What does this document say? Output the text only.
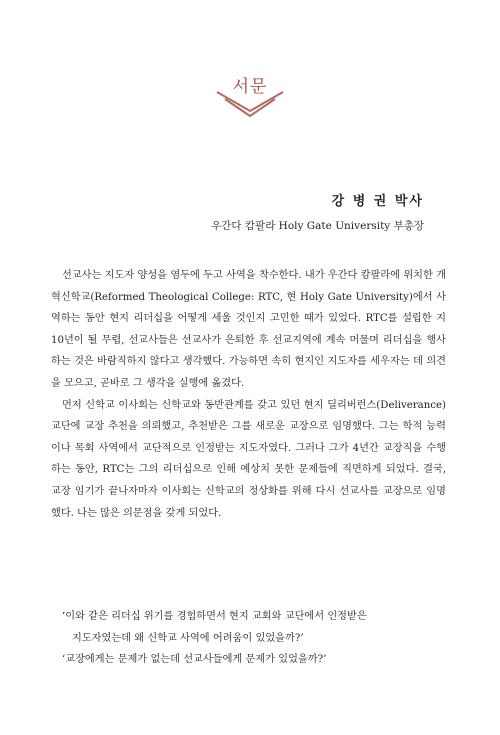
서문
강 병 권 박사
우간다 캄팔라 Holy Gate University 부총장

선교사는 지도자 양성을 염두에 두고 사역을 착수한다. 내가 우간다 캄팔라에 위치한 개혁신학교(Reformed Theological College: RTC, 현 Holy Gate University)에서 사역하는 동안 현지 리더십을 어떻게 세울 것인지 고민한 때가 있었다. RTC를 설립한 지 10년이 될 무렵, 선교사들은 선교사가 은퇴한 후 선교지역에 계속 머물며 리더십을 행사하는 것은 바람직하지 않다고 생각했다. 가능하면 속히 현지인 지도자를 세우자는 데 의견을 모으고, 곧바로 그 생각을 실행에 옮겼다.

먼저 신학교 이사회는 신학교와 동반관계를 갖고 있던 현지 딜리버런스(Deliverance)교단에 교장 추천을 의뢰했고, 추천받은 그를 새로운 교장으로 임명했다. 그는 학적 능력이나 목회 사역에서 교단적으로 인정받는 지도자였다. 그러나 그가 4년간 교장직을 수행하는 동안, RTC는 그의 리더십으로 인해 예상치 못한 문제들에 직면하게 되었다. 결국, 교장 임기가 끝나자마자 이사회는 신학교의 정상화를 위해 다시 선교사를 교장으로 임명했다. 나는 많은 의문점을 갖게 되었다.

‘이와 같은 리더십 위기를 경험하면서 현지 교회와 교단에서 인정받은
지도자였는데 왜 신학교 사역에 어려움이 있었을까?’

‘교장에게는 문제가 없는데 선교사들에게 문제가 있었을까?’
